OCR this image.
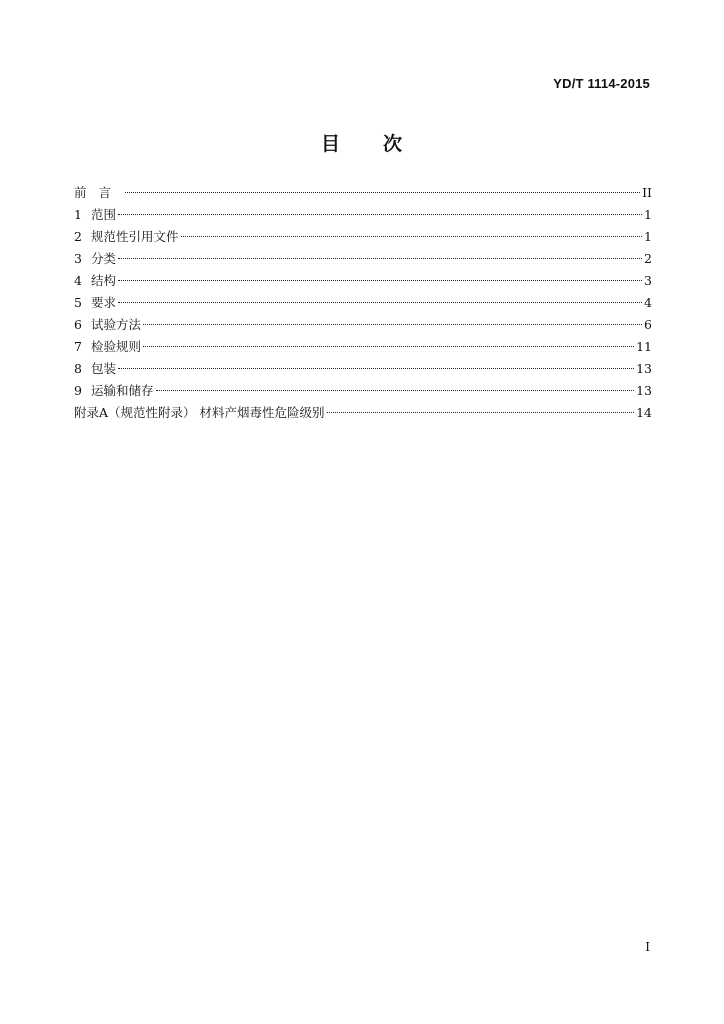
YD/T 1114-2015
目 次
前言	II
1 范围	1
2 规范性引用文件	1
3 分类	2
4 结构	3
5 要求	4
6 试验方法	6
7 检验规则	11
8 包装	13
9 运输和储存	13
附录A（规范性附录） 材料产烟毒性危险级别	14
I
